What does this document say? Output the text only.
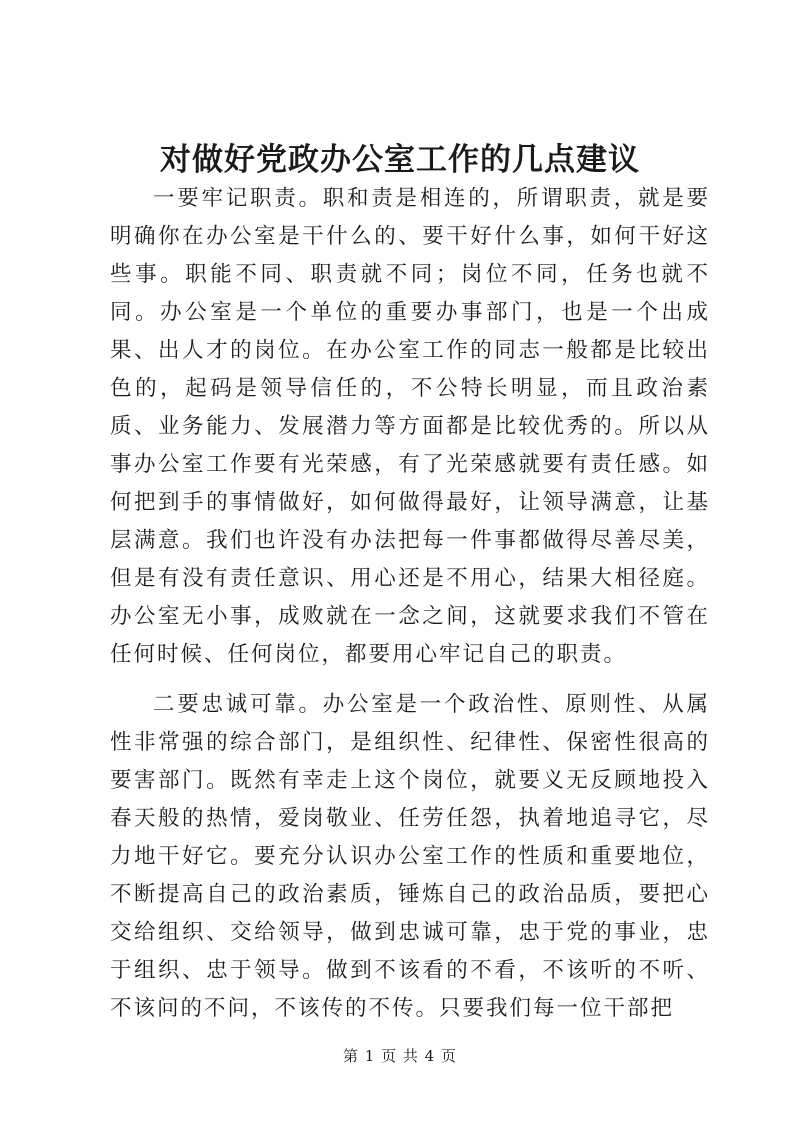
对做好党政办公室工作的几点建议

一要牢记职责。职和责是相连的，所谓职责，就是要明确你在办公室是干什么的、要干好什么事，如何干好这些事。职能不同、职责就不同；岗位不同，任务也就不同。办公室是一个单位的重要办事部门，也是一个出成果、出人才的岗位。在办公室工作的同志一般都是比较出色的，起码是领导信任的，不公特长明显，而且政治素质、业务能力、发展潜力等方面都是比较优秀的。所以从事办公室工作要有光荣感，有了光荣感就要有责任感。如何把到手的事情做好，如何做得最好，让领导满意，让基层满意。我们也许没有办法把每一件事都做得尽善尽美，但是有没有责任意识、用心还是不用心，结果大相径庭。办公室无小事，成败就在一念之间，这就要求我们不管在任何时候、任何岗位，都要用心牢记自己的职责。

二要忠诚可靠。办公室是一个政治性、原则性、从属性非常强的综合部门，是组织性、纪律性、保密性很高的要害部门。既然有幸走上这个岗位，就要义无反顾地投入春天般的热情，爱岗敬业、任劳任怨，执着地追寻它，尽力地干好它。要充分认识办公室工作的性质和重要地位，不断提高自己的政治素质，锤炼自己的政治品质，要把心交给组织、交给领导，做到忠诚可靠，忠于党的事业，忠于组织、忠于领导。做到不该看的不看，不该听的不听、不该问的不问，不该传的不传。只要我们每一位干部把

第 1 页 共 4 页
